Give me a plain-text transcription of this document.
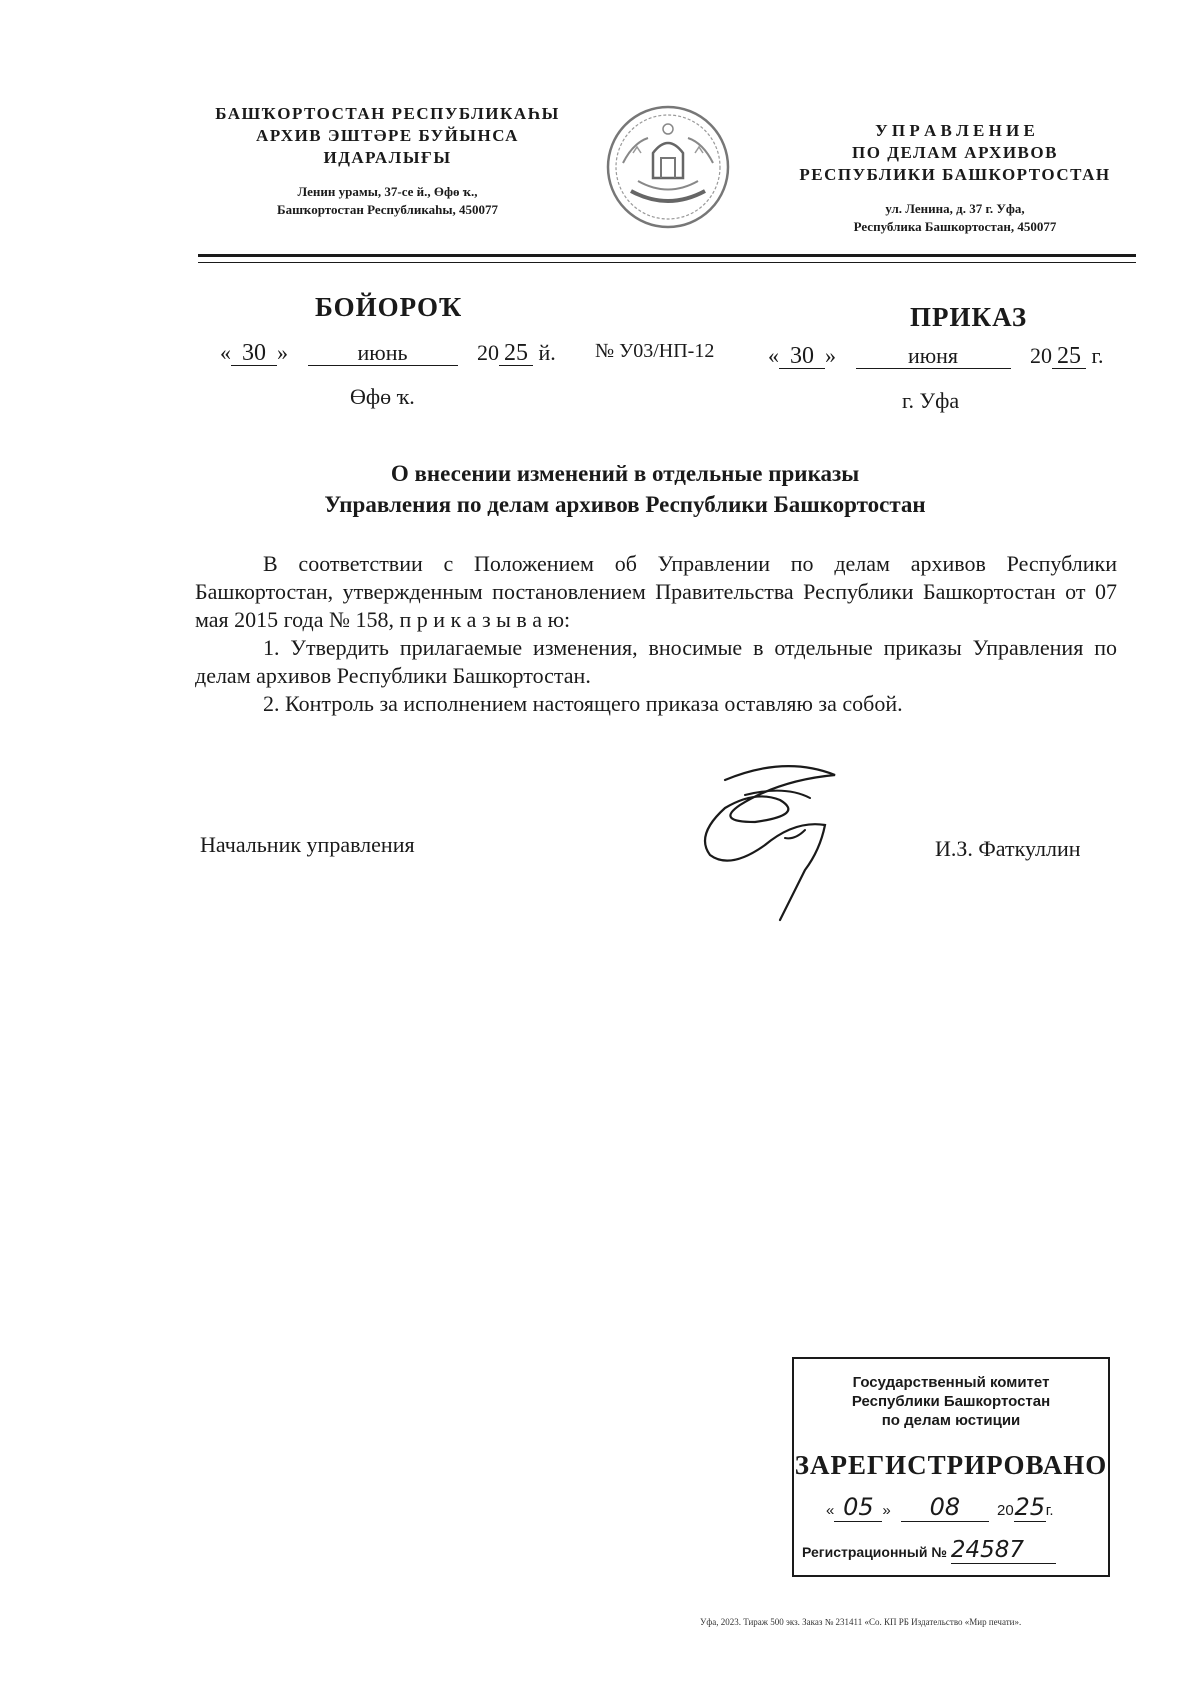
БАШҠОРТОСТАН РЕСПУБЛИКАҺЫ
АРХИВ ЭШТӘРЕ БУЙЫНСА
ИДАРАЛЫҒЫ
Ленин урамы, 37-се й., Өфө ҡ.,
Башҡортостан Республикаһы, 450077
У П Р А В Л Е Н И Е
ПО ДЕЛАМ АРХИВОВ
РЕСПУБЛИКИ БАШКОРТОСТАН
ул. Ленина, д. 37 г. Уфа,
Республика Башкортостан, 450077
БОЙОРОҠ	ПРИКАЗ
« 30 »	июнь	20 25 й. № У03/НП-12 « 30 »	июня	20 25 г.
Өфө ҡ.	г. Уфа
О внесении изменений в отдельные приказы
Управления по делам архивов Республики Башкортостан

В соответствии с Положением об Управлении по делам архивов Республики Башкортостан, утвержденным постановлением Правительства Республики Башкортостан от 07 мая 2015 года № 158, п р и к а з ы в а ю:

1. Утвердить прилагаемые изменения, вносимые в отдельные приказы Управления по делам архивов Республики Башкортостан.

2. Контроль за исполнением настоящего приказа оставляю за собой.

Начальник управления	И.З. Фаткуллин
Государственный комитет
Республики Башкортостан
по делам юстиции
ЗАРЕГИСТРИРОВАНО
« 05 » 08 2025г.
Регистрационный № 24587
Уфа, 2023. Тираж 500 экз. Заказ № 231411 «Со. КП РБ Издательство «Мир печати».
